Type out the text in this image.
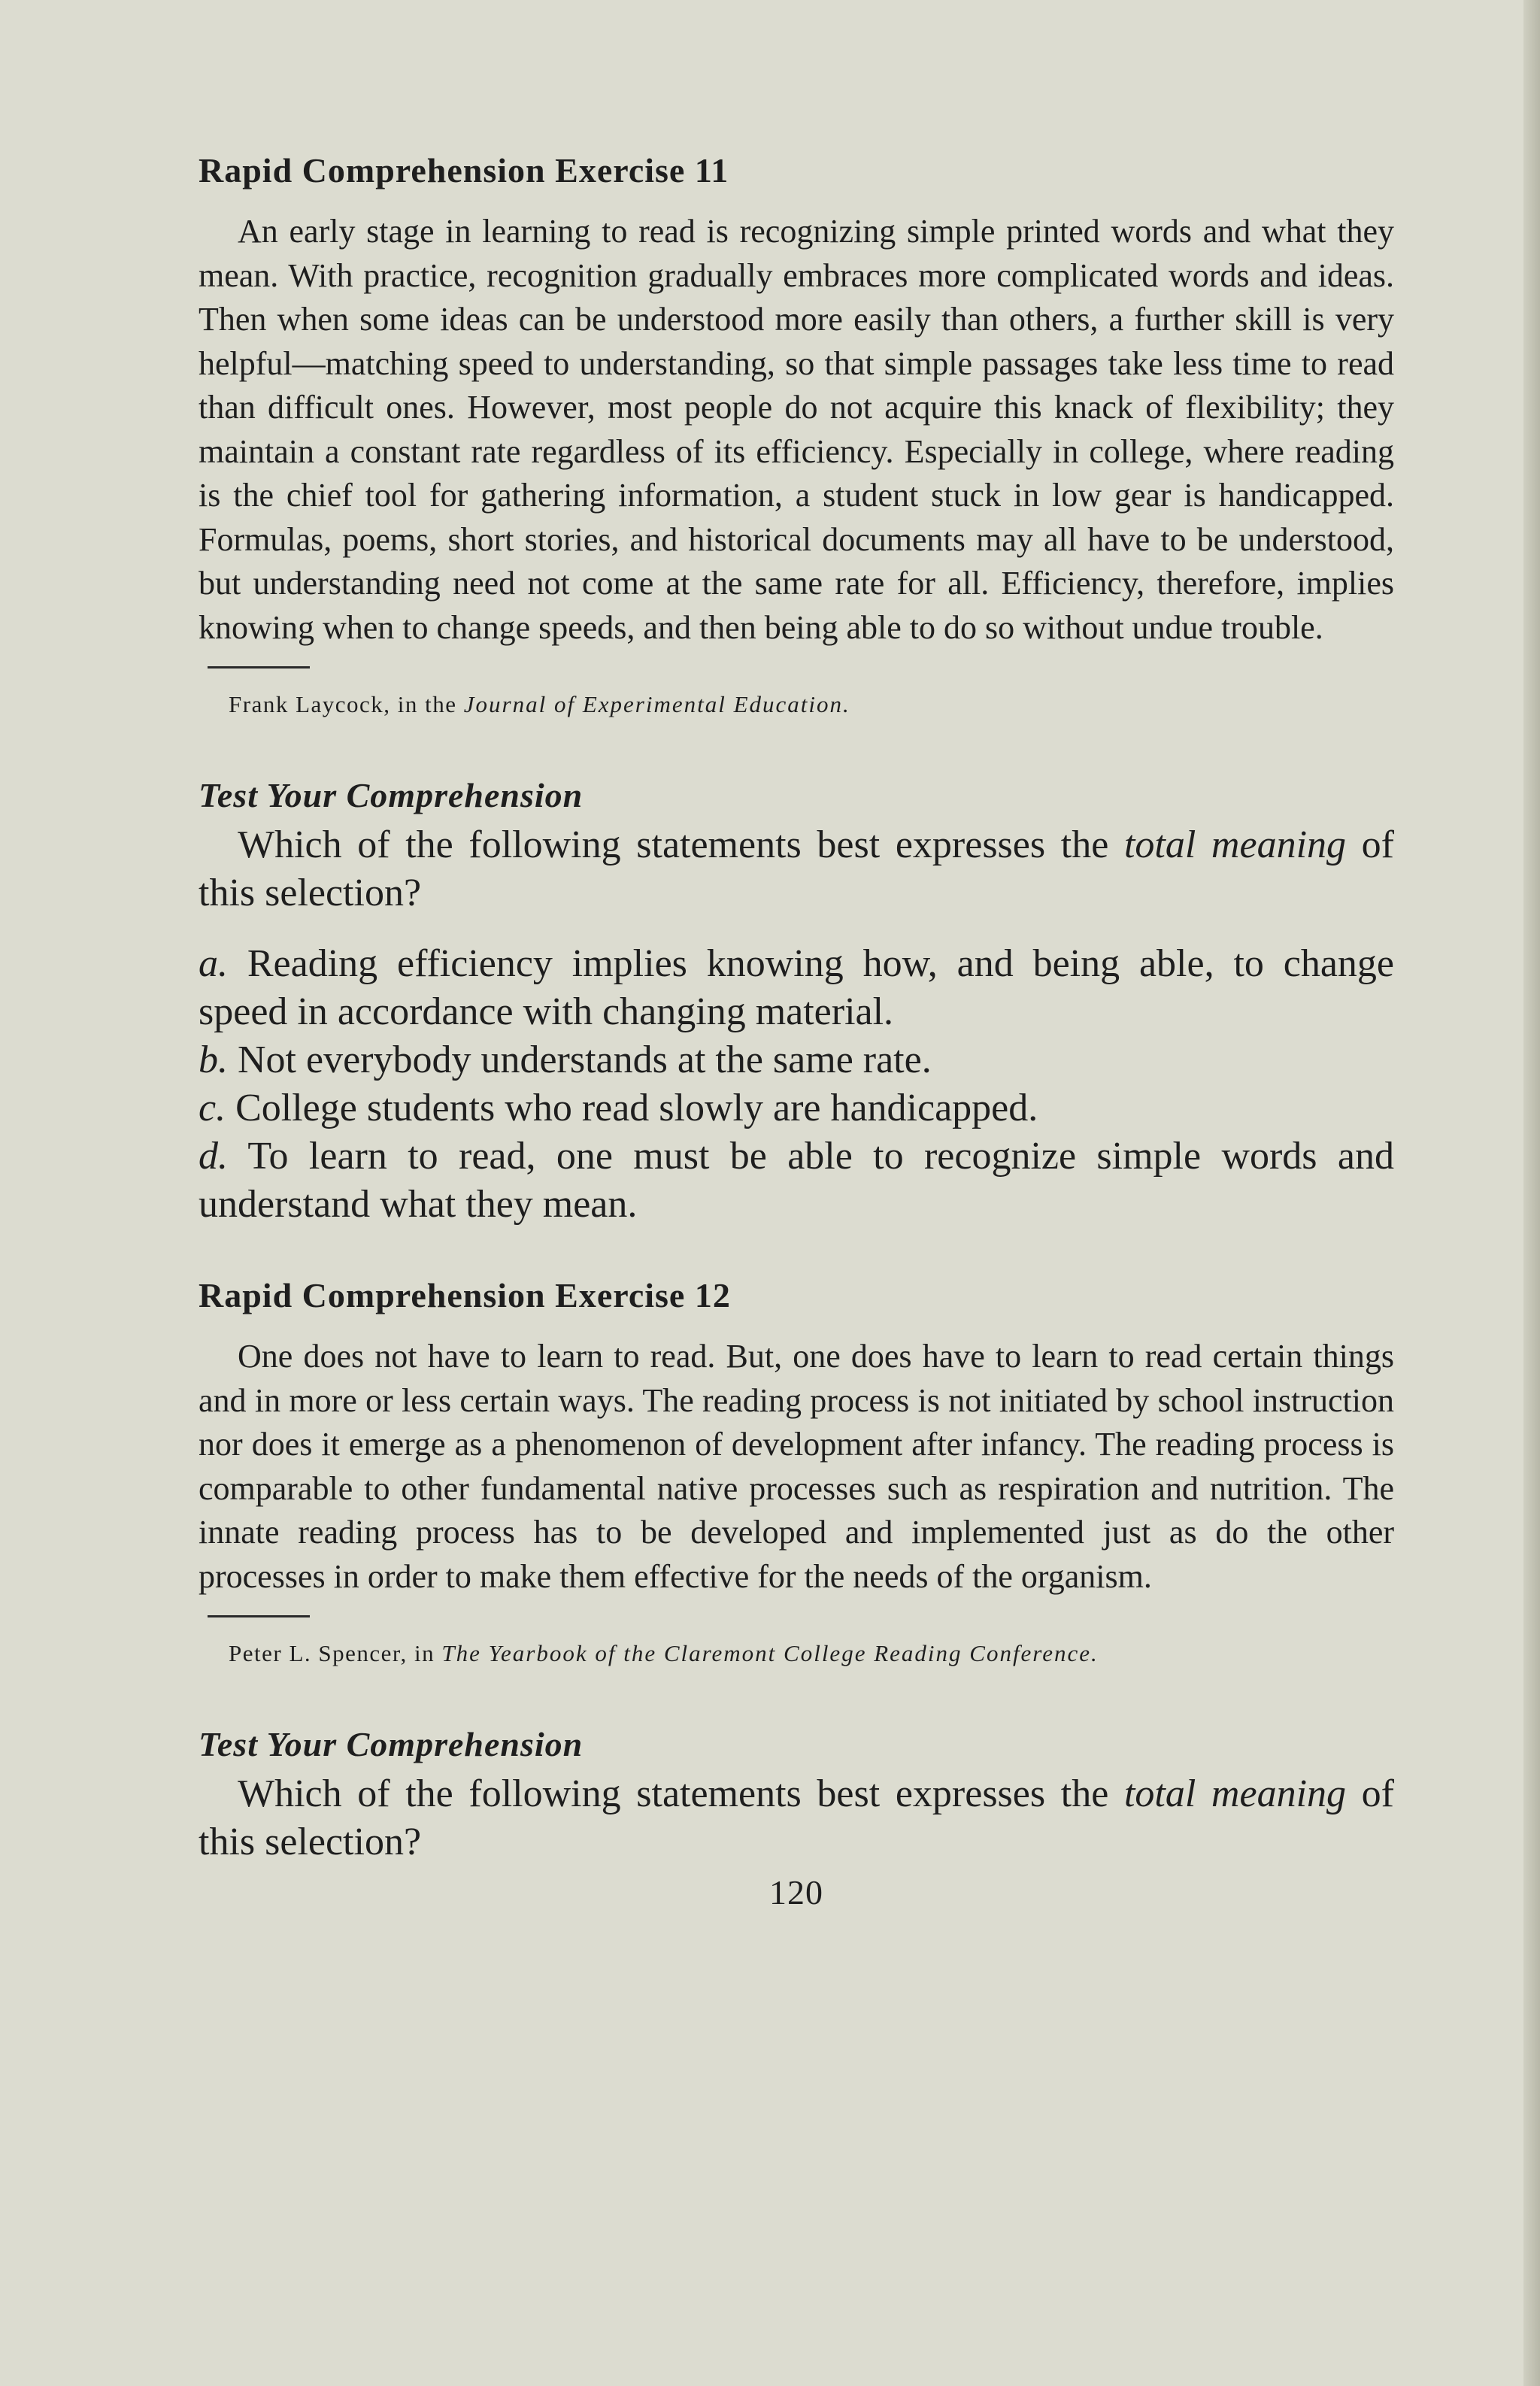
Rapid Comprehension Exercise 11

An early stage in learning to read is recognizing simple printed words and what they mean. With practice, recognition gradually embraces more complicated words and ideas. Then when some ideas can be understood more easily than others, a further skill is very helpful—matching speed to understanding, so that simple passages take less time to read than difficult ones. However, most people do not acquire this knack of flexibility; they maintain a constant rate regardless of its efficiency. Especially in college, where reading is the chief tool for gathering information, a student stuck in low gear is handicapped. Formulas, poems, short stories, and historical documents may all have to be understood, but understanding need not come at the same rate for all. Efficiency, therefore, implies knowing when to change speeds, and then being able to do so without undue trouble.

Frank Laycock, in the Journal of Experimental Education.

Test Your Comprehension

Which of the following statements best expresses the total meaning of this selection?

a. Reading efficiency implies knowing how, and being able, to change speed in accordance with changing material.
b. Not everybody understands at the same rate.
c. College students who read slowly are handicapped.
d. To learn to read, one must be able to recognize simple words and understand what they mean.
Rapid Comprehension Exercise 12

One does not have to learn to read. But, one does have to learn to read certain things and in more or less certain ways. The reading process is not initiated by school instruction nor does it emerge as a phenomenon of development after infancy. The reading process is comparable to other fundamental native processes such as respiration and nutrition. The innate reading process has to be developed and implemented just as do the other processes in order to make them effective for the needs of the organism.

Peter L. Spencer, in The Yearbook of the Claremont College Reading Conference.

Test Your Comprehension

Which of the following statements best expresses the total meaning of this selection?

120
